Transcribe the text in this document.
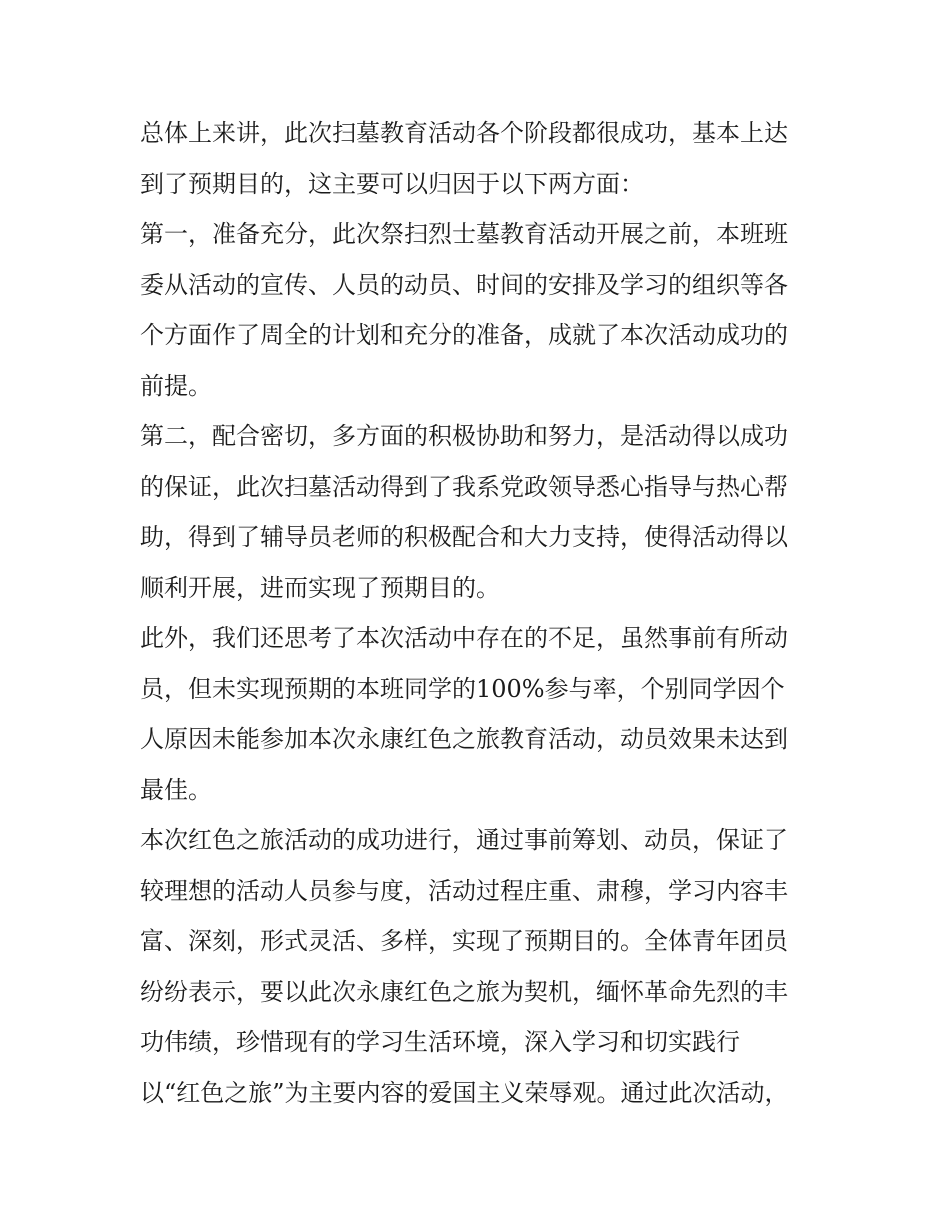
总体上来讲，此次扫墓教育活动各个阶段都很成功，基本上达
到了预期目的，这主要可以归因于以下两方面：
第一，准备充分，此次祭扫烈士墓教育活动开展之前，本班班
委从活动的宣传、人员的动员、时间的安排及学习的组织等各
个方面作了周全的计划和充分的准备，成就了本次活动成功的
前提。
第二，配合密切，多方面的积极协助和努力，是活动得以成功
的保证，此次扫墓活动得到了我系党政领导悉心指导与热心帮
助，得到了辅导员老师的积极配合和大力支持，使得活动得以
顺利开展，进而实现了预期目的。
此外，我们还思考了本次活动中存在的不足，虽然事前有所动
员，但未实现预期的本班同学的100%参与率，个别同学因个
人原因未能参加本次永康红色之旅教育活动，动员效果未达到
最佳。
本次红色之旅活动的成功进行，通过事前筹划、动员，保证了
较理想的活动人员参与度，活动过程庄重、肃穆，学习内容丰
富、深刻，形式灵活、多样，实现了预期目的。全体青年团员
纷纷表示，要以此次永康红色之旅为契机，缅怀革命先烈的丰
功伟绩，珍惜现有的学习生活环境，深入学习和切实践行
以“红色之旅”为主要内容的爱国主义荣辱观。通过此次活动，
